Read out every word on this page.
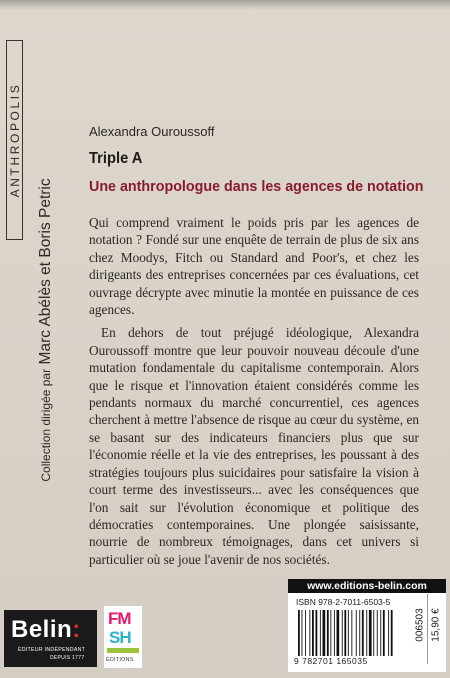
ANTHROPOLIS
Collection dirigée par Marc Abélès et Boris Petric
Alexandra Ouroussoff
Triple A
Une anthropologue dans les agences de notation

Qui comprend vraiment le poids pris par les agences de notation ? Fondé sur une enquête de terrain de plus de six ans chez Moodys, Fitch ou Standard and Poor's, et chez les dirigeants des entreprises concernées par ces évaluations, cet ouvrage décrypte avec minutie la montée en puissance de ces agences.

En dehors de tout préjugé idéologique, Alexandra Ouroussoff montre que leur pouvoir nouveau découle d'une mutation fondamentale du capitalisme contemporain. Alors que le risque et l'innovation étaient considérés comme les pendants normaux du marché concurrentiel, ces agences cherchent à mettre l'absence de risque au cœur du système, en se basant sur des indicateurs financiers plus que sur l'économie réelle et la vie des entreprises, les poussant à des stratégies toujours plus suicidaires pour satisfaire la vision à court terme des investisseurs... avec les conséquences que l'on sait sur l'évolution économique et politique des démocraties contemporaines. Une plongée saisissante, nourrie de nombreux témoignages, dans cet univers si particulier où se joue l'avenir de nos sociétés.

Belin:
ÉDITEUR INDÉPENDANT
DEPUIS 1777
FM
SH
ÉDITIONS
www.editions-belin.com
ISBN 978-2-7011-6503-5
9 782701 165035
006503 15,90 €
